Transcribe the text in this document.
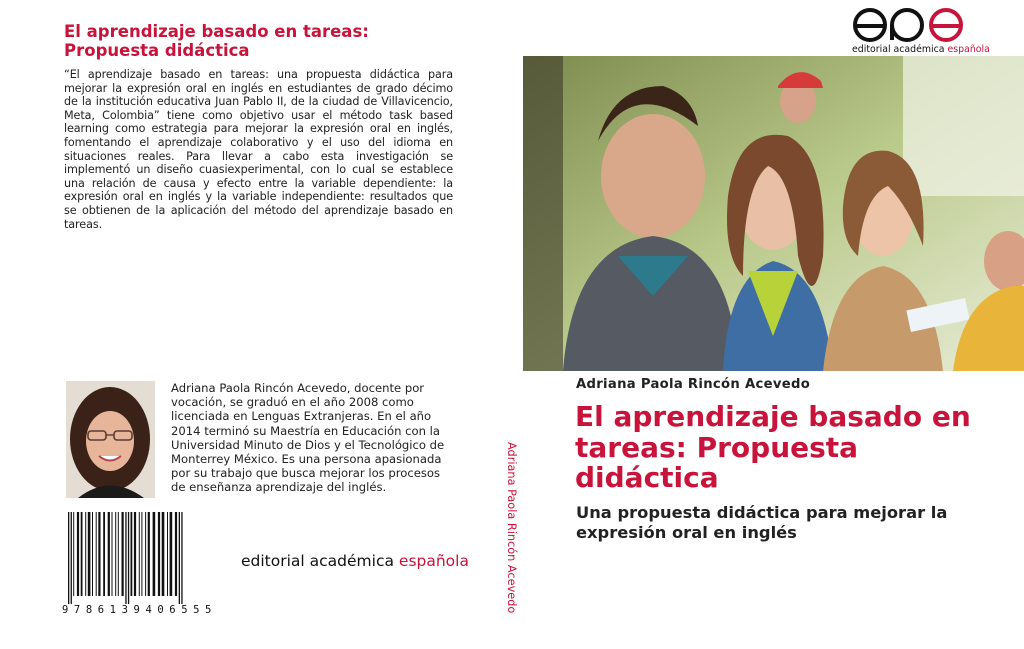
El aprendizaje basado en tareas: Propuesta didáctica
“El aprendizaje basado en tareas: una propuesta didáctica para mejorar la expresión oral en inglés en estudiantes de grado décimo de la institución educativa Juan Pablo II, de la ciudad de Villavicencio, Meta, Colombia” tiene como objetivo usar el método task based learning como estrategia para mejorar la expresión oral en inglés, fomentando el aprendizaje colaborativo y el uso del idioma en situaciones reales. Para llevar a cabo esta investigación se implementó un diseño cuasiexperimental, con lo cual se establece una relación de causa y efecto entre la variable dependiente: la expresión oral en inglés y la variable independiente: resultados que se obtienen de la aplicación del método del aprendizaje basado en tareas.
Adriana Paola Rincón Acevedo, docente por vocación, se graduó en el año 2008 como licenciada en Lenguas Extranjeras. En el año 2014 terminó su Maestría en Educación con la Universidad Minuto de Dios y el Tecnológico de Monterrey México. Es una persona apasionada por su trabajo que busca mejorar los procesos de enseñanza aprendizaje del inglés.
9786139406555
editorial académica española	Adriana Paola Rincón Acevedo
editorial académica española
Adriana Paola Rincón Acevedo
El aprendizaje basado en tareas: Propuesta didáctica
Una propuesta didáctica para mejorar la expresión oral en inglés
